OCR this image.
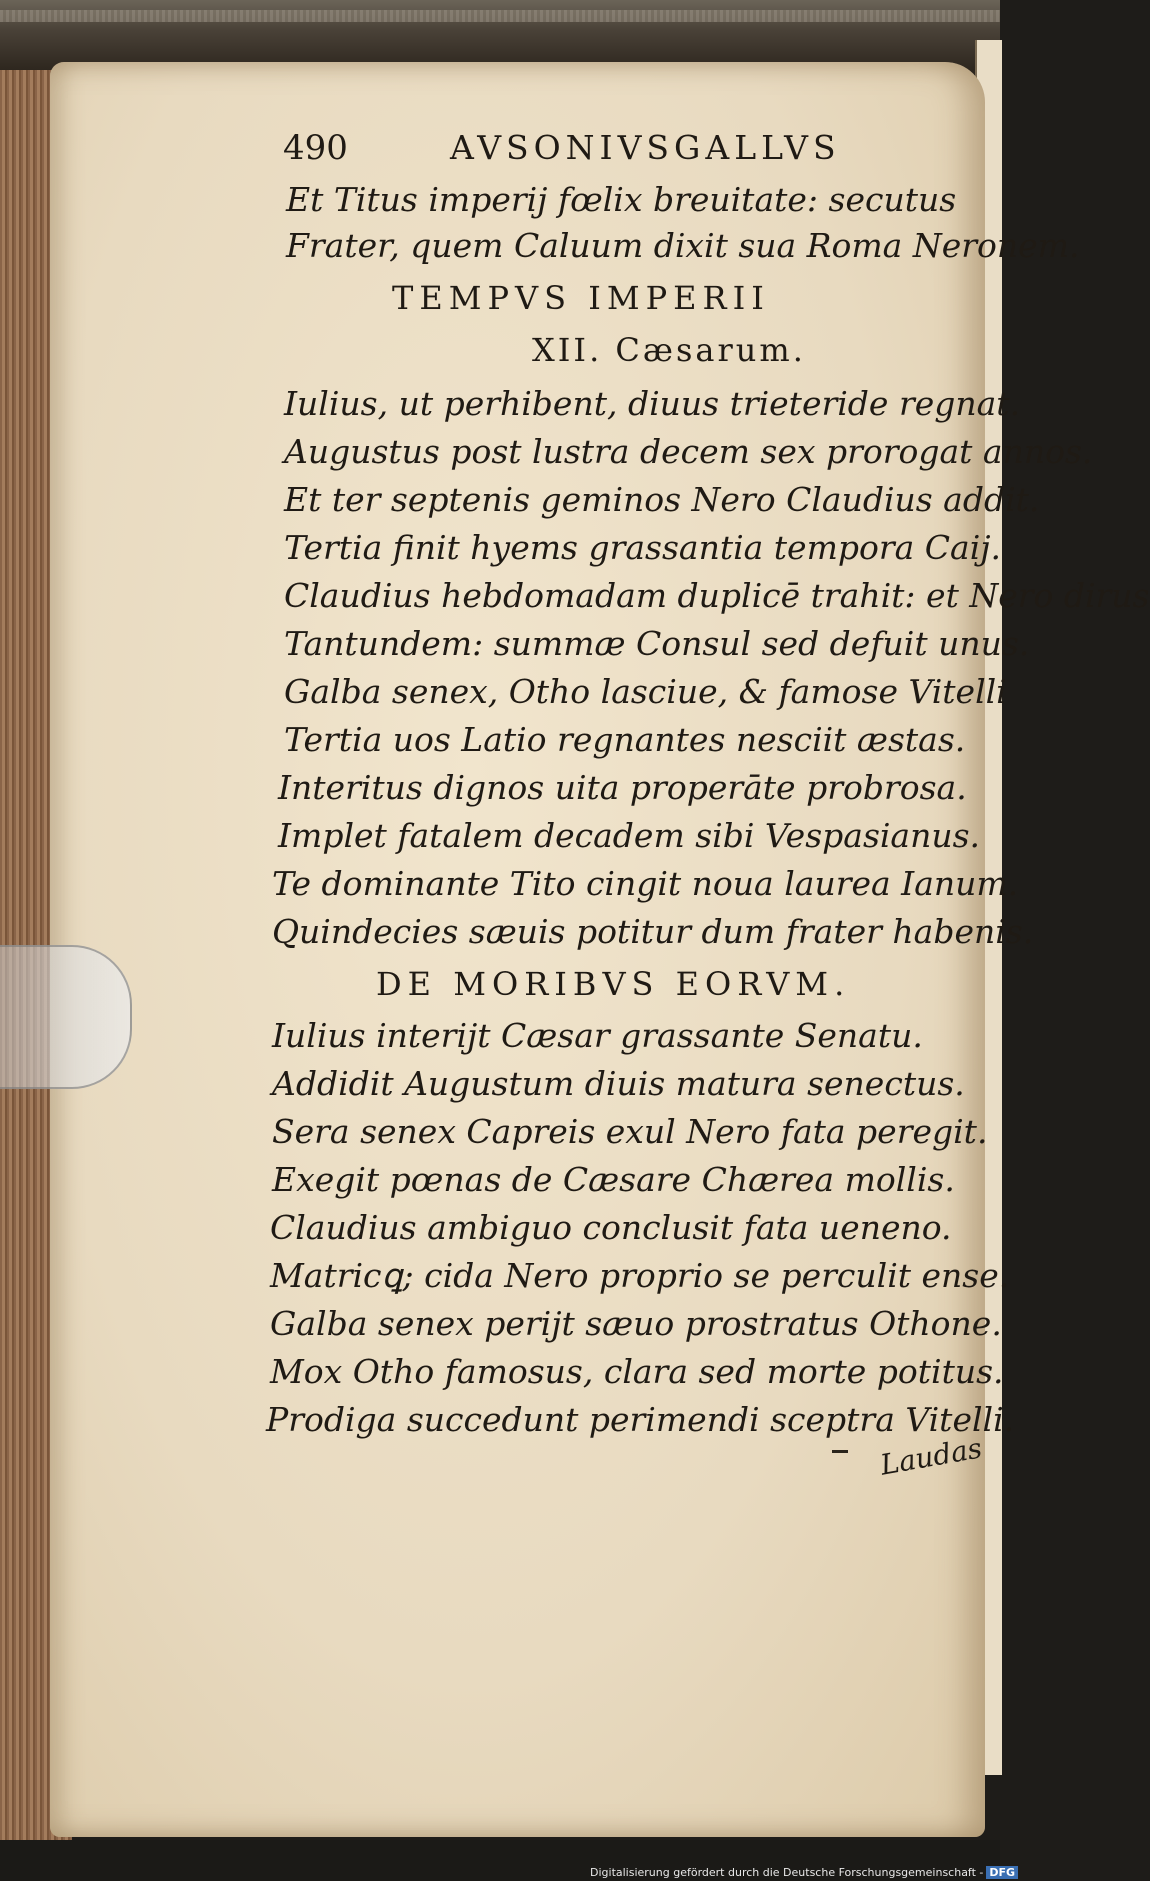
490	AVSONIVSGALLVS
Et Titus imperij fœlix breuitate: secutus
Frater, quem Caluum dixit sua Roma Neronem.
TEMPVS IMPERII
XII. Cæsarum.
Iulius, ut perhibent, diuus trieteride regnat.
Augustus post lustra decem sex prorogat annos.
Et ter septenis geminos Nero Claudius addit.
Tertia finit hyems grassantia tempora Caij.
Claudius hebdomadam duplicē trahit: et Nero dirus
Tantundem: summæ Consul sed defuit unus.
Galba senex, Otho lasciue, & famose Vitelli
Tertia uos Latio regnantes nesciit æstas.
Interitus dignos uita properāte probrosa.
Implet fatalem decadem sibi Vespasianus.
Te dominante Tito cingit noua laurea Ianum.
Quindecies sæuis potitur dum frater habenis.
DE MORIBVS EORVM.
Iulius interijt Cæsar grassante Senatu.
Addidit Augustum diuis matura senectus.
Sera senex Capreis exul Nero fata peregit.
Exegit pœnas de Cæsare Chærea mollis.
Claudius ambiguo conclusit fata ueneno.
Matricꝗ; cida Nero proprio se perculit ense.
Galba senex perijt sæuo prostratus Othone.
Mox Otho famosus, clara sed morte potitus.
Prodiga succedunt perimendi sceptra Vitelli.
Laudas
Digitalisierung gefördert durch die Deutsche Forschungsgemeinschaft - DFG
